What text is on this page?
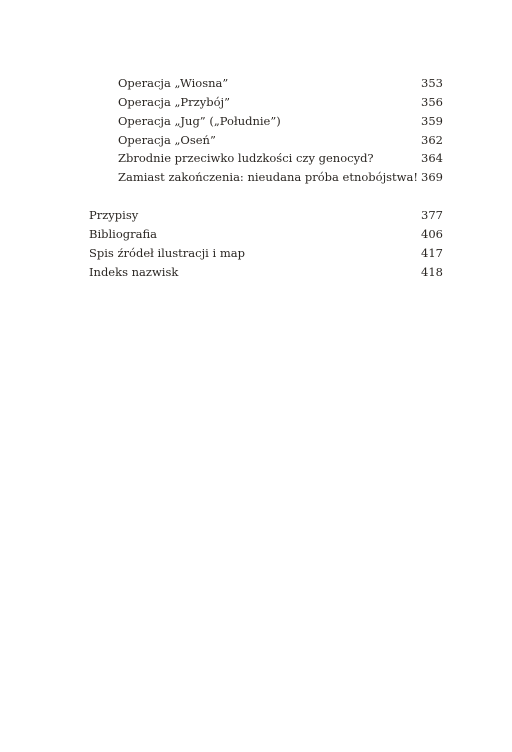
Operacja „Wiosna”	353
Operacja „Przybój”	356
Operacja „Jug” („Południe”)	359
Operacja „Oseń”	362
Zbrodnie przeciwko ludzkości czy genocyd?	364
Zamiast zakończenia: nieudana próba etnobójstwa! 369
Przypisy	377
Bibliografia	406
Spis źródeł ilustracji i map	417
Indeks nazwisk	418
